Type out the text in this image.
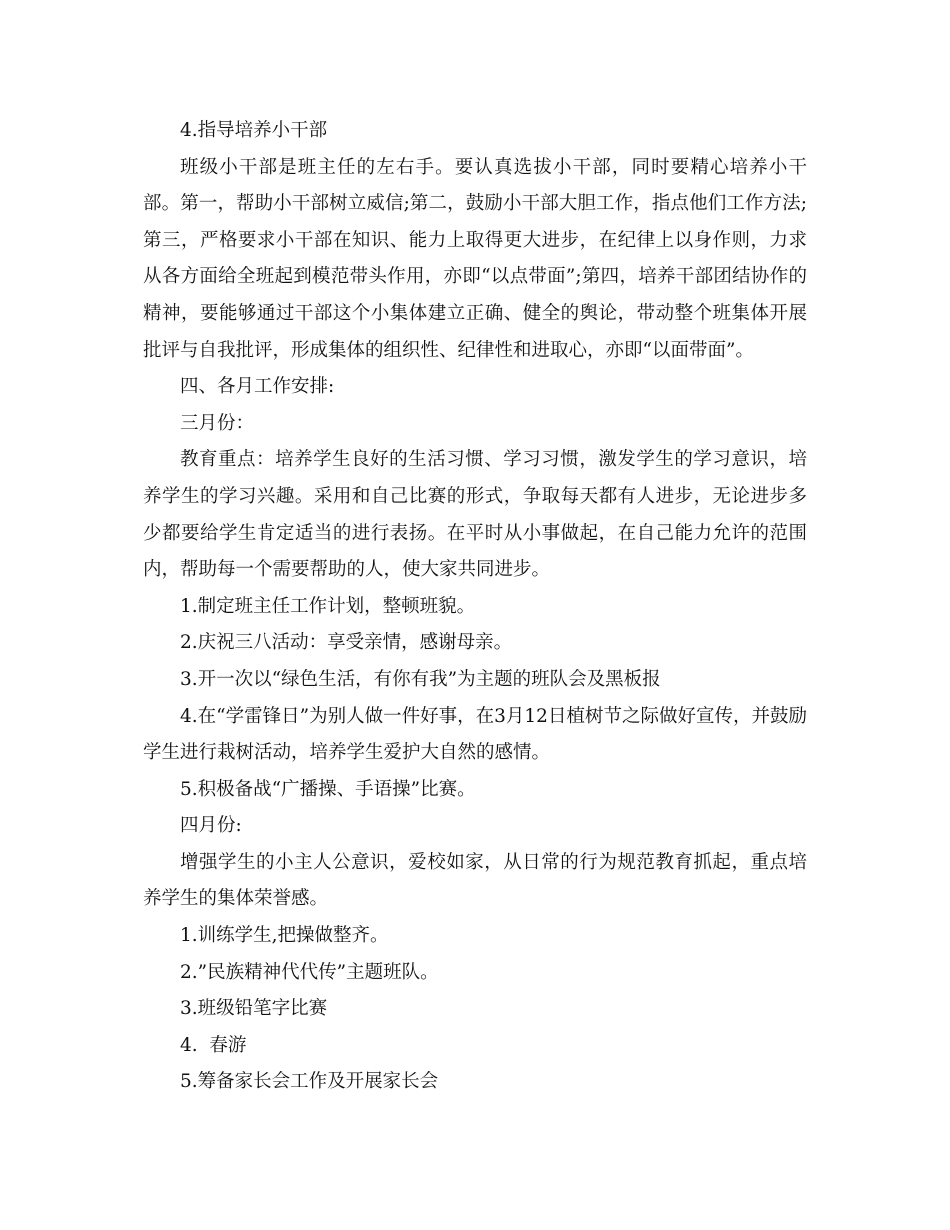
4.指导培养小干部

班级小干部是班主任的左右手。要认真选拔小干部，同时要精心培养小干部。第一，帮助小干部树立威信;第二，鼓励小干部大胆工作，指点他们工作方法;第三，严格要求小干部在知识、能力上取得更大进步，在纪律上以身作则，力求从各方面给全班起到模范带头作用，亦即“以点带面”;第四，培养干部团结协作的精神，要能够通过干部这个小集体建立正确、健全的舆论，带动整个班集体开展批评与自我批评，形成集体的组织性、纪律性和进取心，亦即“以面带面”。

四、各月工作安排:

三月份：

教育重点：培养学生良好的生活习惯、学习习惯，激发学生的学习意识，培养学生的学习兴趣。采用和自己比赛的形式，争取每天都有人进步，无论进步多少都要给学生肯定适当的进行表扬。在平时从小事做起，在自己能力允许的范围内，帮助每一个需要帮助的人，使大家共同进步。

1.制定班主任工作计划，整顿班貌。

2.庆祝三八活动：享受亲情，感谢母亲。

3.开一次以“绿色生活，有你有我”为主题的班队会及黑板报

4.在“学雷锋日”为别人做一件好事，在3月12日植树节之际做好宣传，并鼓励学生进行栽树活动，培养学生爱护大自然的感情。

5.积极备战“广播操、手语操”比赛。

四月份:

增强学生的小主人公意识，爱校如家，从日常的行为规范教育抓起，重点培养学生的集体荣誉感。

1.训练学生,把操做整齐。

2.”民族精神代代传”主题班队。

3.班级铅笔字比赛

4.  春游

5.筹备家长会工作及开展家长会
